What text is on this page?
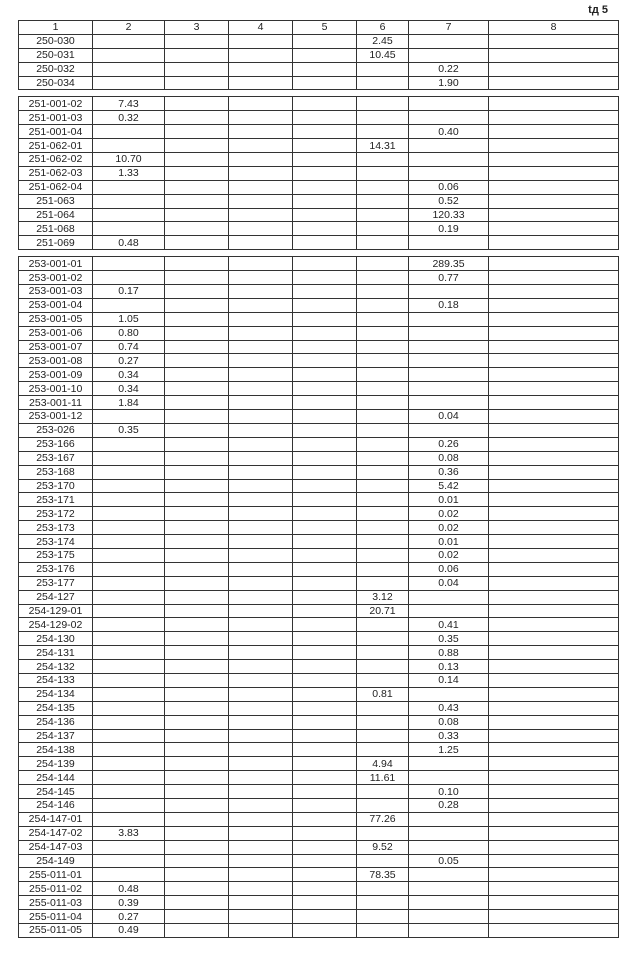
tд 5
1	2	3	4	5	6	7	8
250-030					2.45		
250-031					10.45		
250-032						0.22	
250-034						1.90	

251-001-02	7.43						
251-001-03	0.32						
251-001-04						0.40	
251-062-01					14.31		
251-062-02	10.70						
251-062-03	1.33						
251-062-04						0.06	
251-063						0.52	
251-064						120.33	
251-068						0.19	
251-069	0.48						

253-001-01						289.35	
253-001-02						0.77	
253-001-03	0.17						
253-001-04						0.18	
253-001-05	1.05						
253-001-06	0.80						
253-001-07	0.74						
253-001-08	0.27						
253-001-09	0.34						
253-001-10	0.34						
253-001-11	1.84						
253-001-12						0.04	
253-026	0.35						
253-166						0.26	
253-167						0.08	
253-168						0.36	
253-170						5.42	
253-171						0.01	
253-172						0.02	
253-173						0.02	
253-174						0.01	
253-175						0.02	
253-176						0.06	
253-177						0.04	
254-127					3.12		
254-129-01					20.71		
254-129-02						0.41	
254-130						0.35	
254-131						0.88	
254-132						0.13	
254-133						0.14	
254-134					0.81		
254-135						0.43	
254-136						0.08	
254-137						0.33	
254-138						1.25	
254-139					4.94		
254-144					11.61		
254-145						0.10	
254-146						0.28	
254-147-01					77.26		
254-147-02	3.83						
254-147-03					9.52		
254-149						0.05	
255-011-01					78.35		
255-011-02	0.48						
255-011-03	0.39						
255-011-04	0.27						
255-011-05	0.49						
